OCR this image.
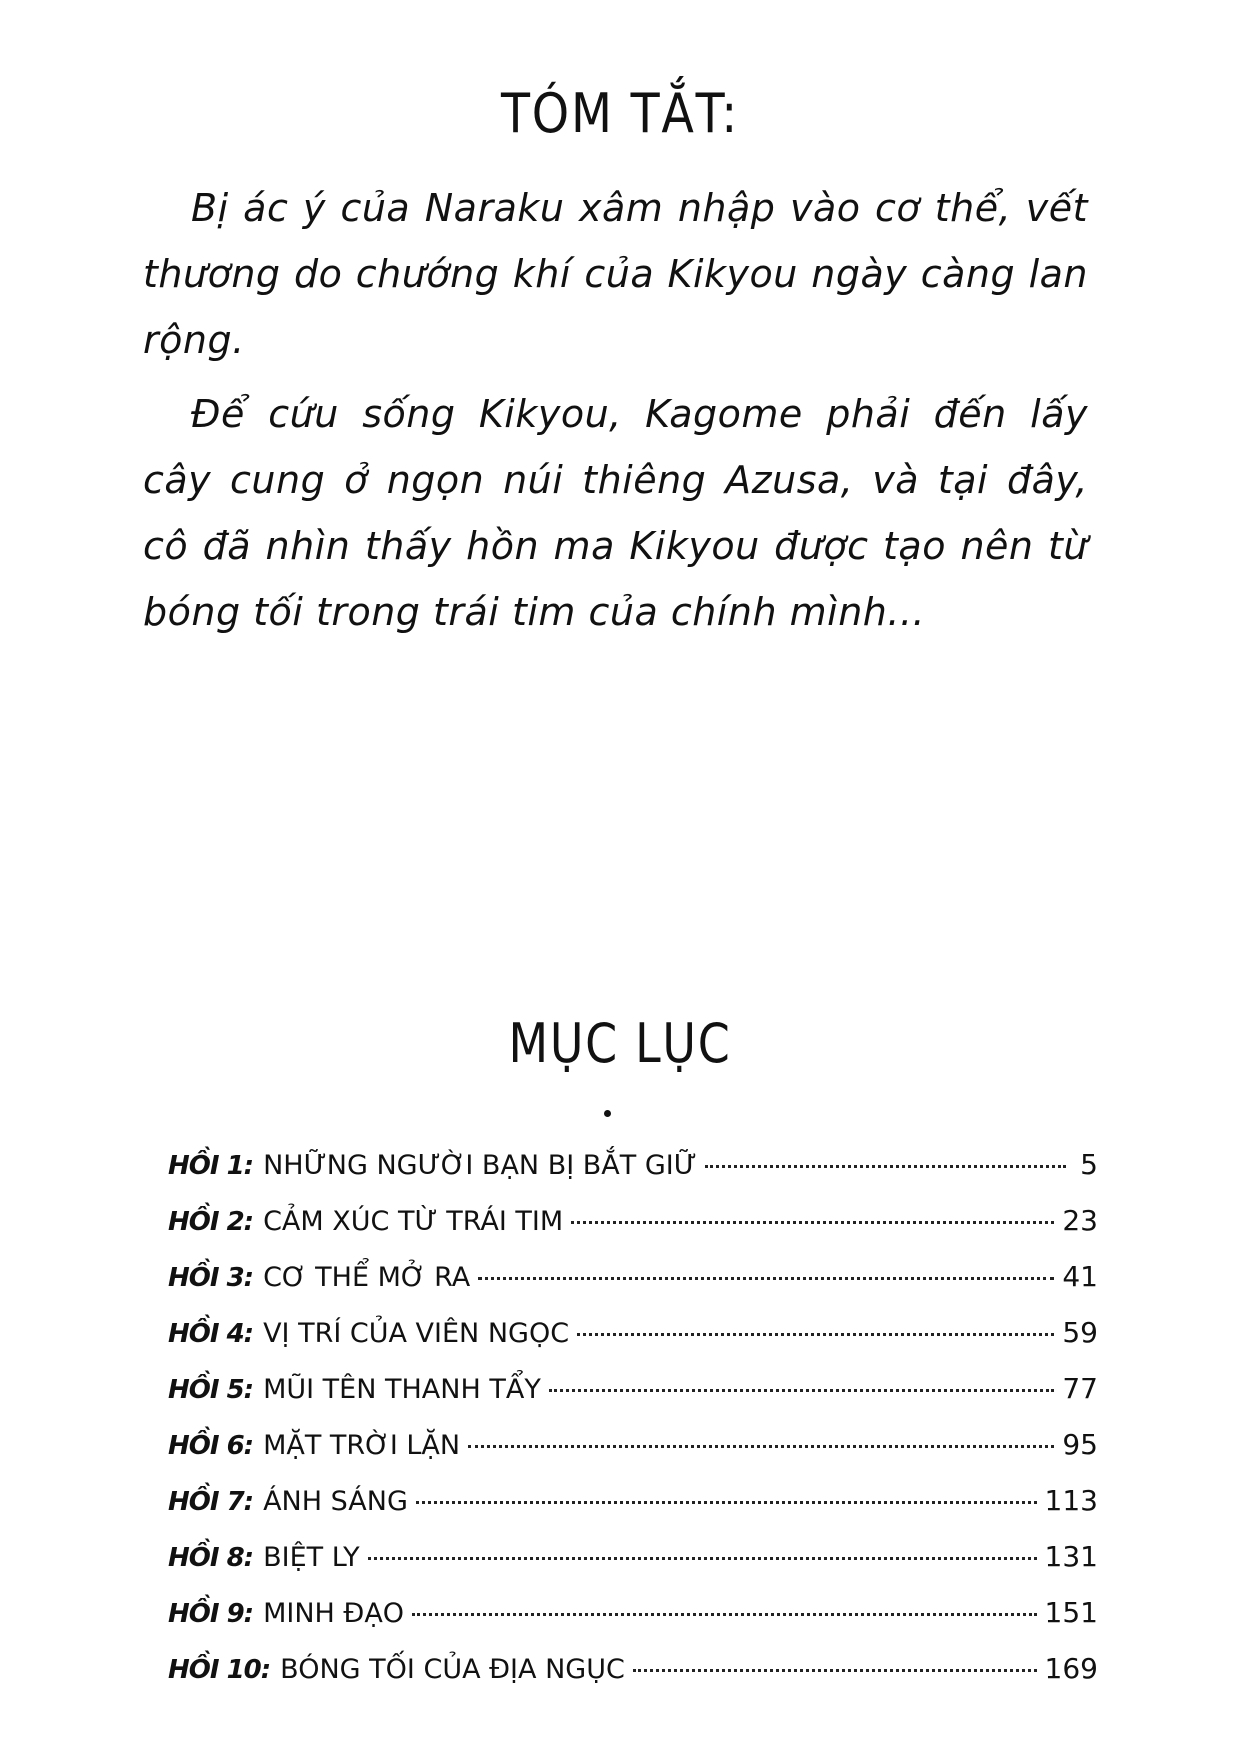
TÓM TẮT:

Bị ác ý của Naraku xâm nhập vào cơ thể, vết thương do chướng khí của Kikyou ngày càng lan rộng.

Để cứu sống Kikyou, Kagome phải đến lấy cây cung ở ngọn núi thiêng Azusa, và tại đây, cô đã nhìn thấy hồn ma Kikyou được tạo nên từ bóng tối trong trái tim của chính mình...

MỤC LỤC
HỒI 1: NHỮNG NGƯỜI BẠN BỊ BẮT GIỮ	5
HỒI 2: CẢM XÚC TỪ TRÁI TIM	23
HỒI 3: CƠ THỂ MỞ RA	41
HỒI 4: VỊ TRÍ CỦA VIÊN NGỌC	59
HỒI 5: MŨI TÊN THANH TẨY	77
HỒI 6: MẶT TRỜI LẶN	95
HỒI 7: ÁNH SÁNG	113
HỒI 8: BIỆT LY	131
HỒI 9: MINH ĐẠO	151
HỒI 10: BÓNG TỐI CỦA ĐỊA NGỤC	169
